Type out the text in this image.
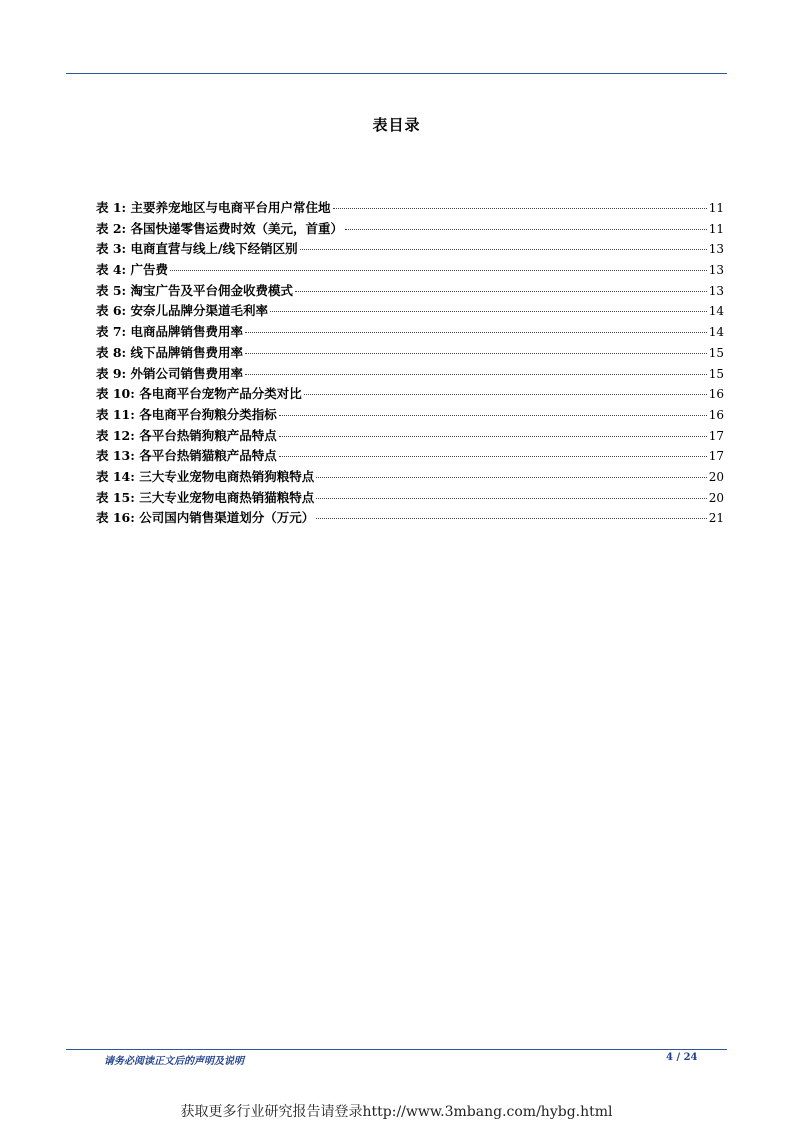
表目录
表 1: 主要养宠地区与电商平台用户常住地	11
表 2: 各国快递零售运费时效（美元，首重）	11
表 3: 电商直营与线上/线下经销区别	13
表 4: 广告费	13
表 5: 淘宝广告及平台佣金收费模式	13
表 6: 安奈儿品牌分渠道毛利率	14
表 7: 电商品牌销售费用率	14
表 8: 线下品牌销售费用率	15
表 9: 外销公司销售费用率	15
表 10: 各电商平台宠物产品分类对比	16
表 11: 各电商平台狗粮分类指标	16
表 12: 各平台热销狗粮产品特点	17
表 13: 各平台热销猫粮产品特点	17
表 14: 三大专业宠物电商热销狗粮特点	20
表 15: 三大专业宠物电商热销猫粮特点	20
表 16: 公司国内销售渠道划分（万元）	21
请务必阅读正文后的声明及说明	4 / 24
获取更多行业研究报告请登录http://www.3mbang.com/hybg.html
